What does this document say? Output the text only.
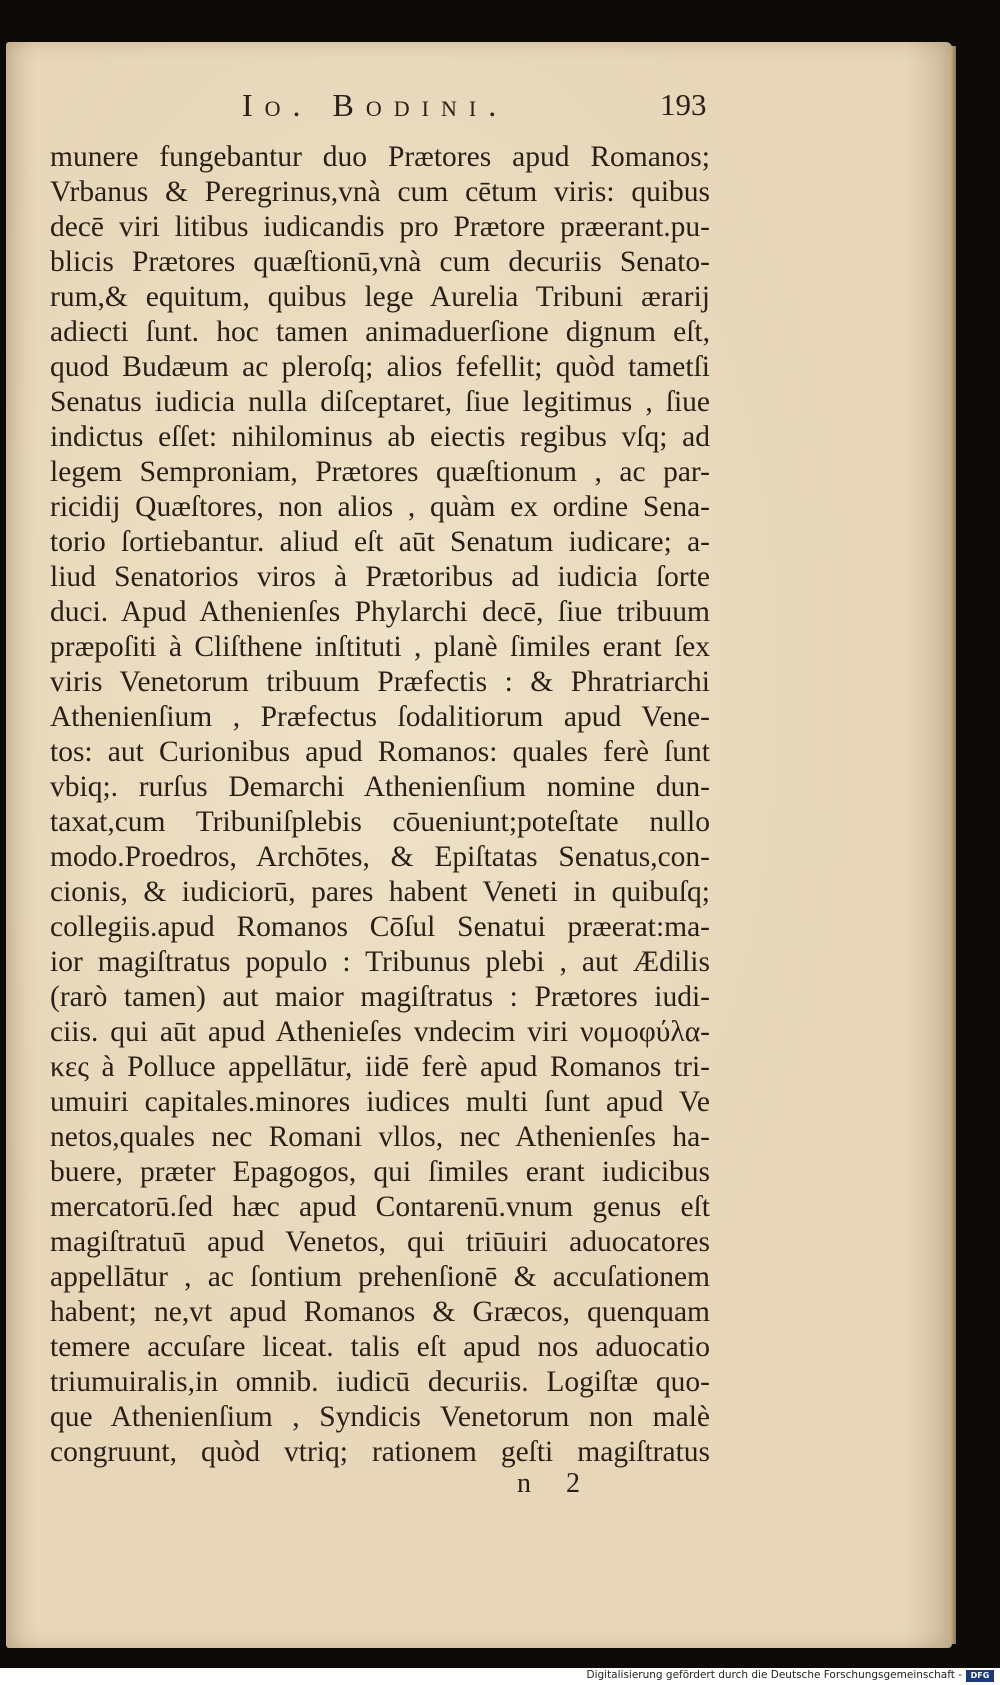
Io. Bodini.	193
munere fungebantur duo Prætores apud Romanos;
Vrbanus & Peregrinus,vnà cum cētum viris: quibus
decē viri litibus iudicandis pro Prætore præerant.pu-
blicis Prætores quæſtionū,vnà cum decuriis Senato-
rum,& equitum, quibus lege Aurelia Tribuni ærarij
adiecti ſunt. hoc tamen animaduerſione dignum eſt,
quod Budæum ac pleroſq; alios fefellit; quòd tametſi
Senatus iudicia nulla diſceptaret, ſiue legitimus , ſiue
indictus eſſet: nihilominus ab eiectis regibus vſq; ad
legem Semproniam, Prætores quæſtionum , ac par-
ricidij Quæſtores, non alios , quàm ex ordine Sena-
torio ſortiebantur. aliud eſt aūt Senatum iudicare; a-
liud Senatorios viros à Prætoribus ad iudicia ſorte
duci. Apud Athenienſes Phylarchi decē, ſiue tribuum
præpoſiti à Cliſthene inſtituti , planè ſimiles erant ſex
viris Venetorum tribuum Præfectis : & Phratriarchi
Athenienſium , Præfectus ſodalitiorum apud Vene-
tos: aut Curionibus apud Romanos: quales ferè ſunt
vbiq;. rurſus Demarchi Athenienſium nomine dun-
taxat,cum Tribuniſplebis cōueniunt;poteſtate nullo
modo.Proedros, Archōtes, & Epiſtatas Senatus,con-
cionis, & iudiciorū, pares habent Veneti in quibuſq;
collegiis.apud Romanos Cōſul Senatui præerat:ma-
ior magiſtratus populo : Tribunus plebi , aut Ædilis
(rarò tamen) aut maior magiſtratus : Prætores iudi-
ciis. qui aūt apud Athenieſes vndecim viri νομοφύλα-
κες à Polluce appellātur, iidē ferè apud Romanos tri-
umuiri capitales.minores iudices multi ſunt apud Ve
netos,quales nec Romani vllos, nec Athenienſes ha-
buere, præter Epagogos, qui ſimiles erant iudicibus
mercatorū.ſed hæc apud Contarenū.vnum genus eſt
magiſtratuū apud Venetos, qui triūuiri aduocatores
appellātur , ac ſontium prehenſionē & accuſationem
habent; ne,vt apud Romanos & Græcos, quenquam
temere accuſare liceat. talis eſt apud nos aduocatio
triumuiralis,in omnib. iudicū decuriis. Logiſtæ quo-
que Athenienſium , Syndicis Venetorum non malè
congruunt, quòd vtriq; rationem geſti magiſtratus
n 2
Digitalisierung gefördert durch die Deutsche Forschungsgemeinschaft -	DFG
